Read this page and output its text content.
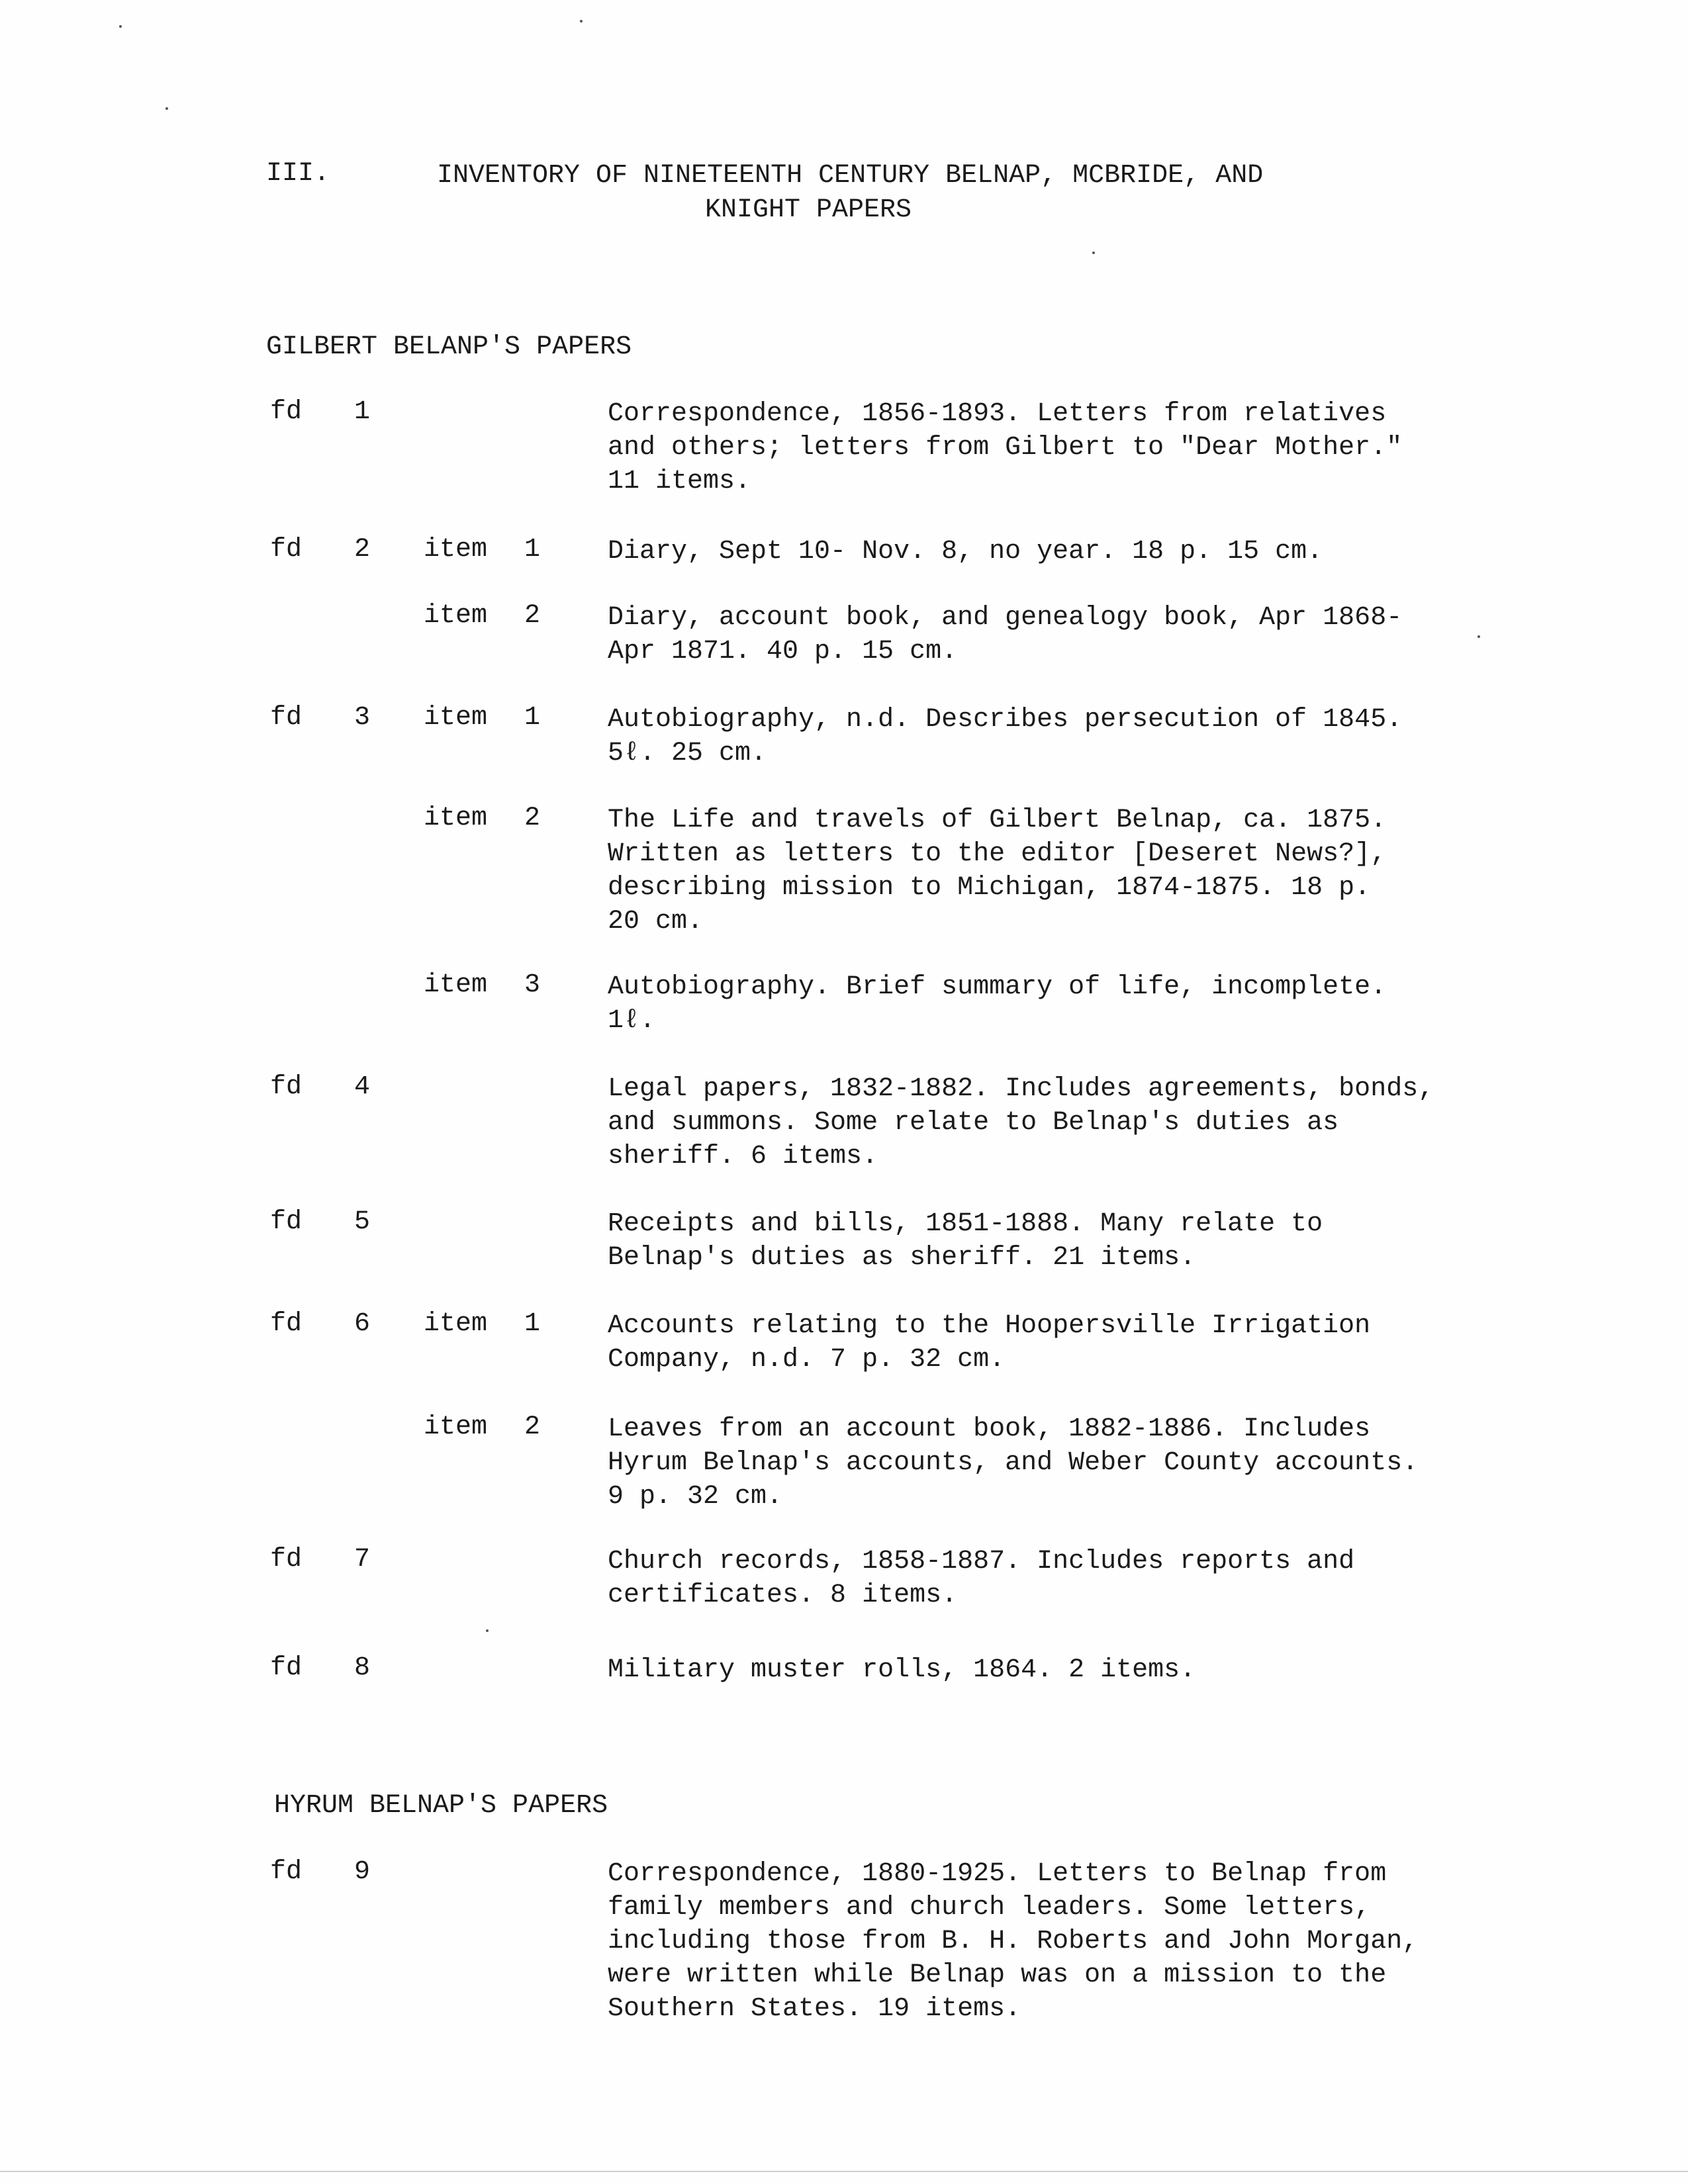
III.	INVENTORY OF NINETEENTH CENTURY BELNAP, MCBRIDE, AND
KNIGHT PAPERS
GILBERT BELANP'S PAPERS
fd 1	Correspondence, 1856-1893. Letters from relatives
and others; letters from Gilbert to "Dear Mother."
11 items.
fd 2 item 1	Diary, Sept 10- Nov. 8, no year. 18 p. 15 cm.
item 2	Diary, account book, and genealogy book, Apr 1868-
Apr 1871. 40 p. 15 cm.
fd 3 item 1	Autobiography, n.d. Describes persecution of 1845.
5ℓ. 25 cm.
item 2	The Life and travels of Gilbert Belnap, ca. 1875.
Written as letters to the editor [Deseret News?],
describing mission to Michigan, 1874-1875. 18 p.
20 cm.
item 3	Autobiography. Brief summary of life, incomplete.
1ℓ.
fd 4	Legal papers, 1832-1882. Includes agreements, bonds,
and summons. Some relate to Belnap's duties as
sheriff. 6 items.
fd 5	Receipts and bills, 1851-1888. Many relate to
Belnap's duties as sheriff. 21 items.
fd 6 item 1	Accounts relating to the Hoopersville Irrigation
Company, n.d. 7 p. 32 cm.
item 2	Leaves from an account book, 1882-1886. Includes
Hyrum Belnap's accounts, and Weber County accounts.
9 p. 32 cm.
fd 7	Church records, 1858-1887. Includes reports and
certificates. 8 items.
fd 8	Military muster rolls, 1864. 2 items.
HYRUM BELNAP'S PAPERS
fd 9	Correspondence, 1880-1925. Letters to Belnap from
family members and church leaders. Some letters,
including those from B. H. Roberts and John Morgan,
were written while Belnap was on a mission to the
Southern States. 19 items.
